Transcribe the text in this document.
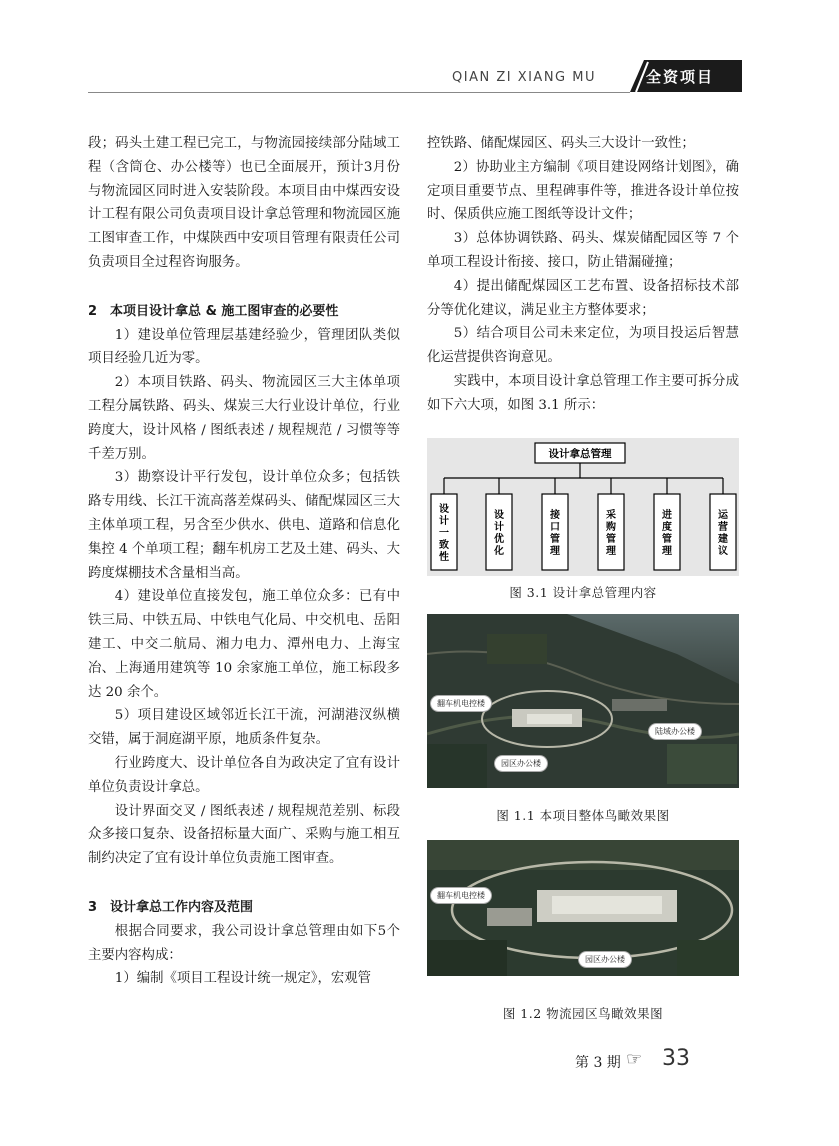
QIAN ZI XIANG MU	全资项目

段；码头土建工程已完工，与物流园接续部分陆域工程（含筒仓、办公楼等）也已全面展开，预计3月份与物流园区同时进入安装阶段。本项目由中煤西安设计工程有限公司负责项目设计拿总管理和物流园区施工图审查工作，中煤陕西中安项目管理有限责任公司负责项目全过程咨询服务。

2　本项目设计拿总 & 施工图审查的必要性

1）建设单位管理层基建经验少，管理团队类似项目经验几近为零。

2）本项目铁路、码头、物流园区三大主体单项工程分属铁路、码头、煤炭三大行业设计单位，行业跨度大，设计风格 / 图纸表述 / 规程规范 / 习惯等等千差万别。

3）勘察设计平行发包，设计单位众多；包括铁路专用线、长江干流高落差煤码头、储配煤园区三大主体单项工程，另含至少供水、供电、道路和信息化集控 4 个单项工程；翻车机房工艺及土建、码头、大跨度煤棚技术含量相当高。

4）建设单位直接发包，施工单位众多：已有中铁三局、中铁五局、中铁电气化局、中交机电、岳阳建工、中交二航局、湘力电力、潭州电力、上海宝冶、上海通用建筑等 10 余家施工单位，施工标段多达 20 余个。

5）项目建设区域邻近长江干流，河湖港汊纵横交错，属于洞庭湖平原，地质条件复杂。

行业跨度大、设计单位各自为政决定了宜有设计单位负责设计拿总。

设计界面交叉 / 图纸表述 / 规程规范差别、标段众多接口复杂、设备招标量大面广、采购与施工相互制约决定了宜有设计单位负责施工图审查。

3　设计拿总工作内容及范围

根据合同要求，我公司设计拿总管理由如下5个主要内容构成：

1）编制《项目工程设计统一规定》，宏观管

控铁路、储配煤园区、码头三大设计一致性；

2）协助业主方编制《项目建设网络计划图》，确定项目重要节点、里程碑事件等，推进各设计单位按时、保质供应施工图纸等设计文件；

3）总体协调铁路、码头、煤炭储配园区等 7 个单项工程设计衔接、接口，防止错漏碰撞；

4）提出储配煤园区工艺布置、设备招标技术部分等优化建议，满足业主方整体要求；

5）结合项目公司未来定位，为项目投运后智慧化运营提供咨询意见。

实践中，本项目设计拿总管理工作主要可拆分成如下六大项，如图 3.1 所示：

设计拿总管理
设计一致性
设计优化
接口管理
采购管理
进度管理
运营建议
图 3.1 设计拿总管理内容
翻车机电控楼
陆域办公楼
园区办公楼
图 1.1 本项目整体鸟瞰效果图
翻车机电控楼
园区办公楼
图 1.2 物流园区鸟瞰效果图
第 3 期 ☞ 33
